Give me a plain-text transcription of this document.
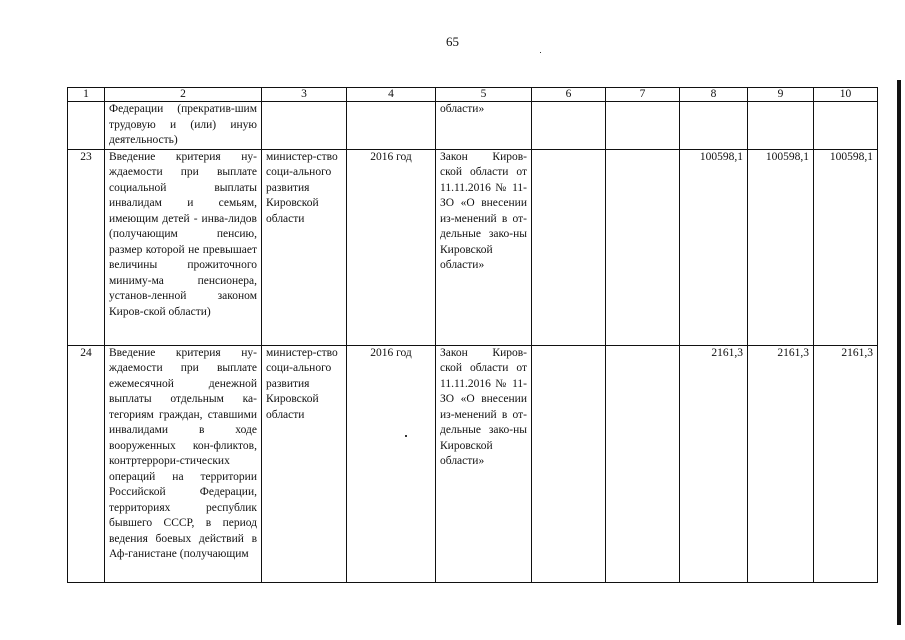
65
1	2	3	4	5	6	7	8	9	10
	Федерации (прекратив-шим трудовую и (или) иную деятельность)			области»					
23	Введение критерия ну-ждаемости при выплате социальной выплаты инвалидам и семьям, имеющим детей - инва-лидов (получающим пенсию, размер которой не превышает величины прожиточного миниму-ма пенсионера, установ-ленной законом Киров-ской области)	министер-ство соци-ального развития Кировской области	2016 год	Закон Киров-ской области от 11.11.2016 № 11-ЗО «О внесении из-менений в от-дельные зако-ны Кировской области»			100598,1	100598,1	100598,1
24	Введение критерия ну-ждаемости при выплате ежемесячной денежной выплаты отдельным ка-тегориям граждан, ставшими инвалидами в ходе вооруженных кон-фликтов, контртеррори-стических операций на территории Российской Федерации, территориях республик бывшего СССР, в период ведения боевых действий в Аф-ганистане (получающим	министер-ство соци-ального развития Кировской области	2016 год	Закон Киров-ской области от 11.11.2016 № 11-ЗО «О внесении из-менений в от-дельные зако-ны Кировской области»			2161,3	2161,3	2161,3
